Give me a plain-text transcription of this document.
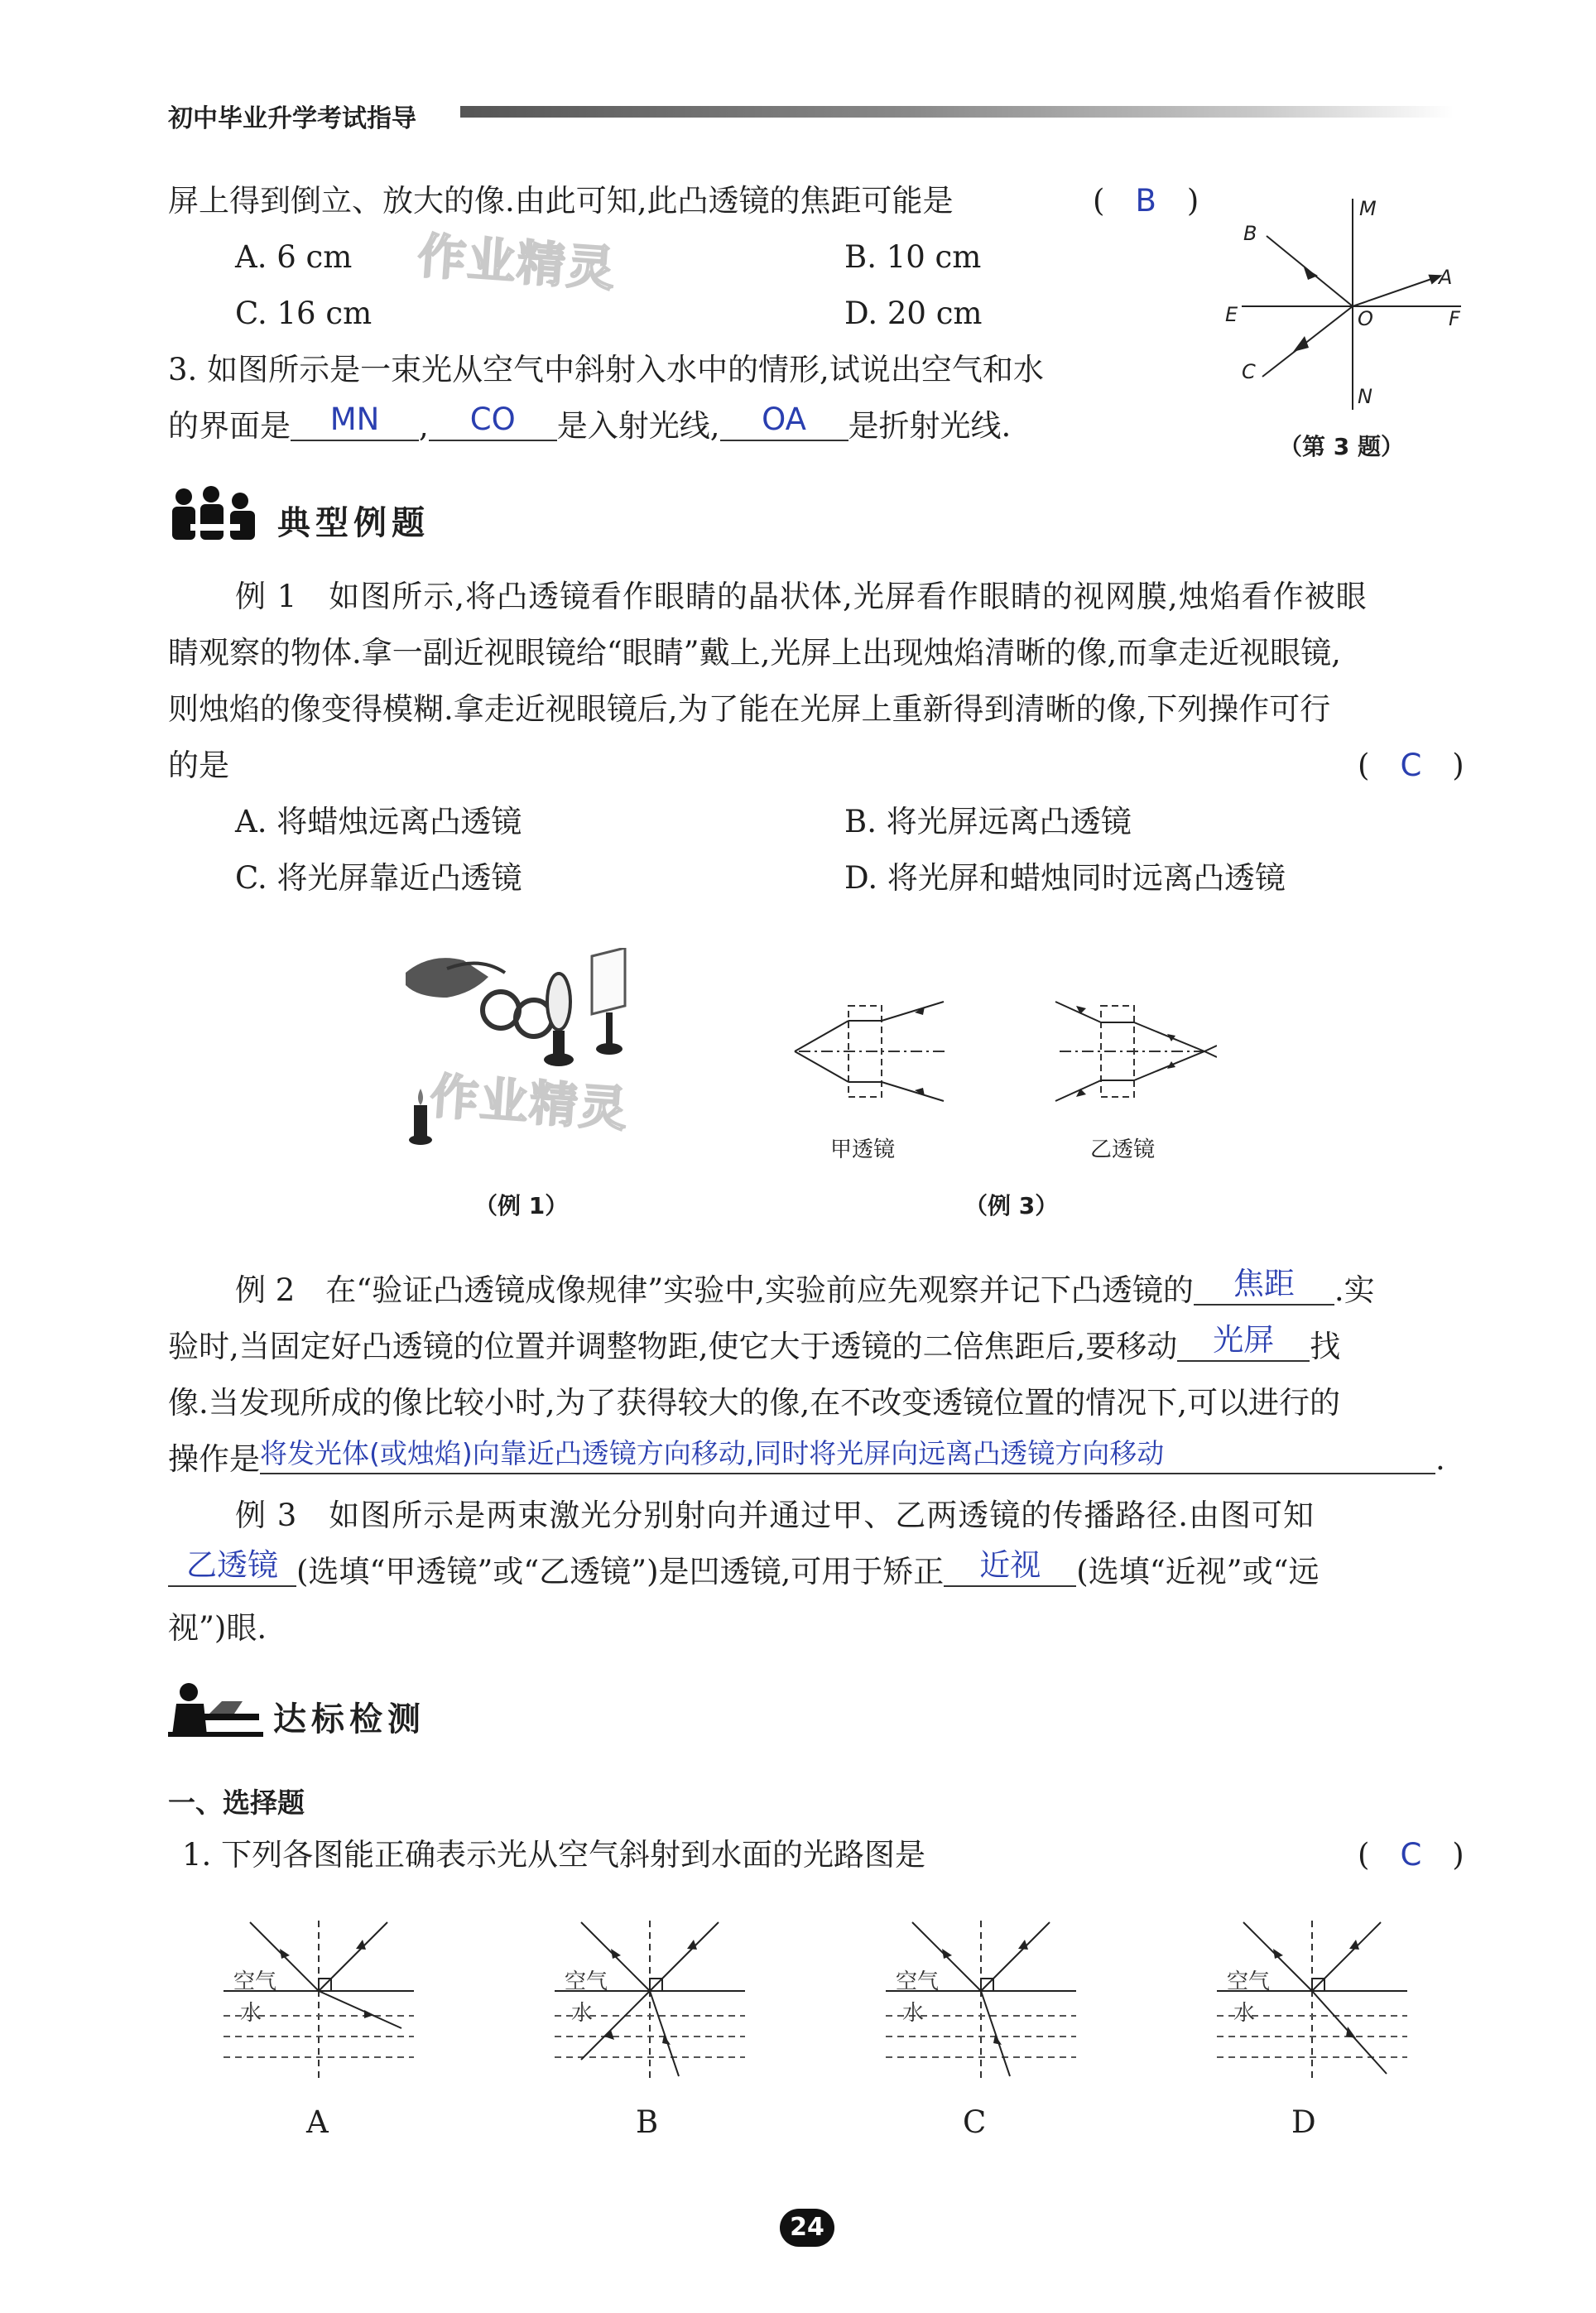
初中毕业升学考试指导
屏上得到倒立、放大的像.由此可知,此凸透镜的焦距可能是	(　B　)
A. 6 cm	B. 10 cm
C. 16 cm	D. 20 cm
作业精灵
3. 如图所示是一束光从空气中斜射入水中的情形,试说出空气和水
的界面是 MN , CO 是入射光线, OA 是折射光线.
M
B
A
E	O	F
C
N
（第 3 题）
典型例题
例 1　如图所示,将凸透镜看作眼睛的晶状体,光屏看作眼睛的视网膜,烛焰看作被眼
睛观察的物体.拿一副近视眼镜给“眼睛”戴上,光屏上出现烛焰清晰的像,而拿走近视眼镜,
则烛焰的像变得模糊.拿走近视眼镜后,为了能在光屏上重新得到清晰的像,下列操作可行
的是	(　C　)
A. 将蜡烛远离凸透镜	B. 将光屏远离凸透镜
C. 将光屏靠近凸透镜	D. 将光屏和蜡烛同时远离凸透镜
作业精灵
（例 1）
甲透镜	乙透镜
（例 3）
例 2　在“验证凸透镜成像规律”实验中,实验前应先观察并记下凸透镜的 焦距 .实
验时,当固定好凸透镜的位置并调整物距,使它大于透镜的二倍焦距后,要移动 光屏 找
像.当发现所成的像比较小时,为了获得较大的像,在不改变透镜位置的情况下,可以进行的
操作是将发光体(或烛焰)向靠近凸透镜方向移动,同时将光屏向远离凸透镜方向移动	.
例 3　如图所示是两束激光分别射向并通过甲、乙两透镜的传播路径.由图可知
乙透镜 (选填“甲透镜”或“乙透镜”)是凹透镜,可用于矫正 近视 (选填“近视”或“远
视”)眼.
达标检测
一、选择题
1. 下列各图能正确表示光从空气斜射到水面的光路图是	(　C　)
空气
水
空气
水
空气
水
空气
水
A	B	C	D
24
